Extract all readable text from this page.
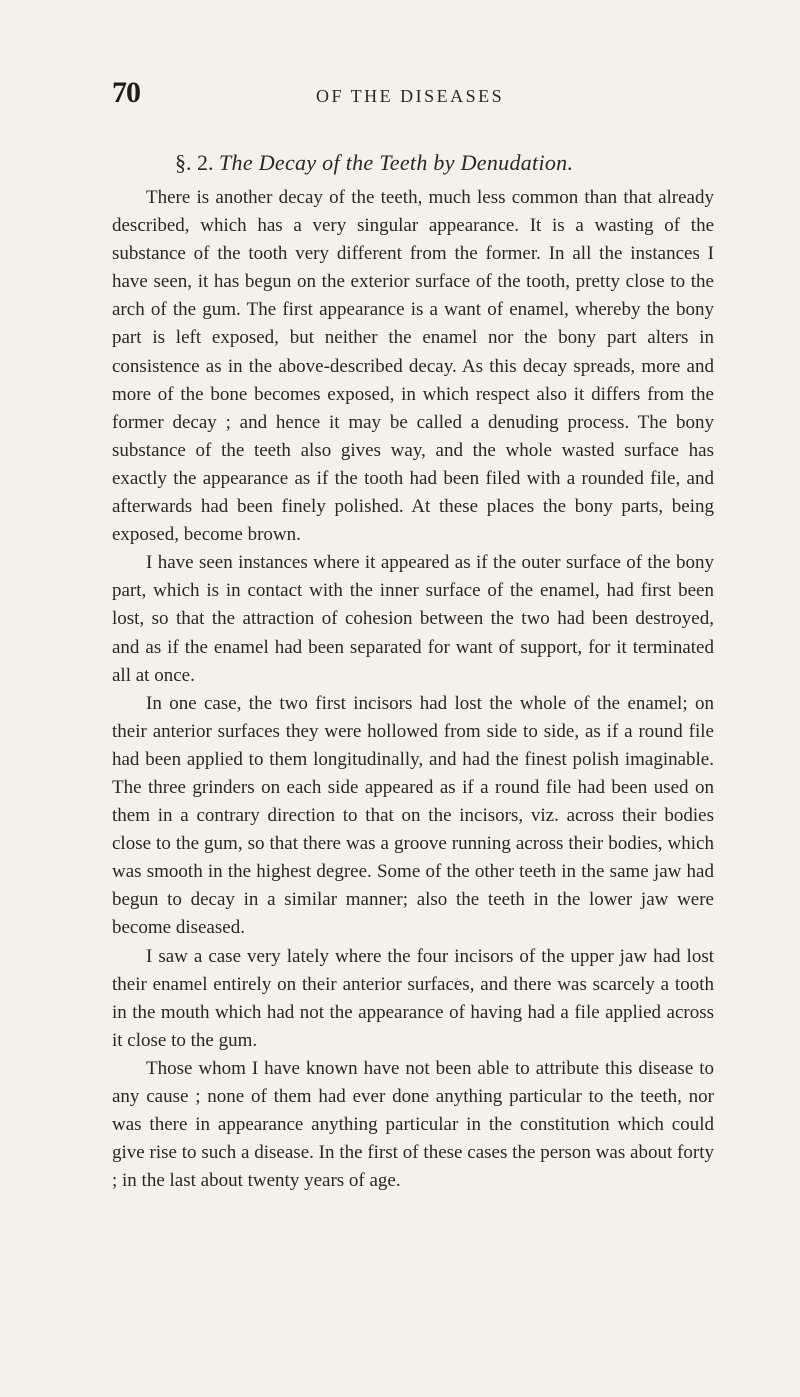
70	OF THE DISEASES
§. 2. The Decay of the Teeth by Denudation.

There is another decay of the teeth, much less common than that already described, which has a very singular appearance. It is a wasting of the substance of the tooth very different from the former. In all the instances I have seen, it has begun on the exterior surface of the tooth, pretty close to the arch of the gum. The first appearance is a want of enamel, whereby the bony part is left exposed, but neither the enamel nor the bony part alters in consistence as in the above-described decay. As this decay spreads, more and more of the bone becomes exposed, in which respect also it differs from the former decay ; and hence it may be called a denuding process. The bony substance of the teeth also gives way, and the whole wasted surface has exactly the appearance as if the tooth had been filed with a rounded file, and afterwards had been finely polished. At these places the bony parts, being exposed, become brown.

I have seen instances where it appeared as if the outer surface of the bony part, which is in contact with the inner surface of the enamel, had first been lost, so that the attraction of cohesion between the two had been destroyed, and as if the enamel had been separated for want of support, for it terminated all at once.

In one case, the two first incisors had lost the whole of the enamel; on their anterior surfaces they were hollowed from side to side, as if a round file had been applied to them longitudinally, and had the finest polish imaginable. The three grinders on each side appeared as if a round file had been used on them in a contrary direction to that on the incisors, viz. across their bodies close to the gum, so that there was a groove running across their bodies, which was smooth in the highest degree. Some of the other teeth in the same jaw had begun to decay in a similar manner; also the teeth in the lower jaw were become diseased.

I saw a case very lately where the four incisors of the upper jaw had lost their enamel entirely on their anterior surfaces, and there was scarcely a tooth in the mouth which had not the appearance of having had a file applied across it close to the gum.

Those whom I have known have not been able to attribute this disease to any cause ; none of them had ever done anything particular to the teeth, nor was there in appearance anything particular in the constitution which could give rise to such a disease. In the first of these cases the person was about forty ; in the last about twenty years of age.
